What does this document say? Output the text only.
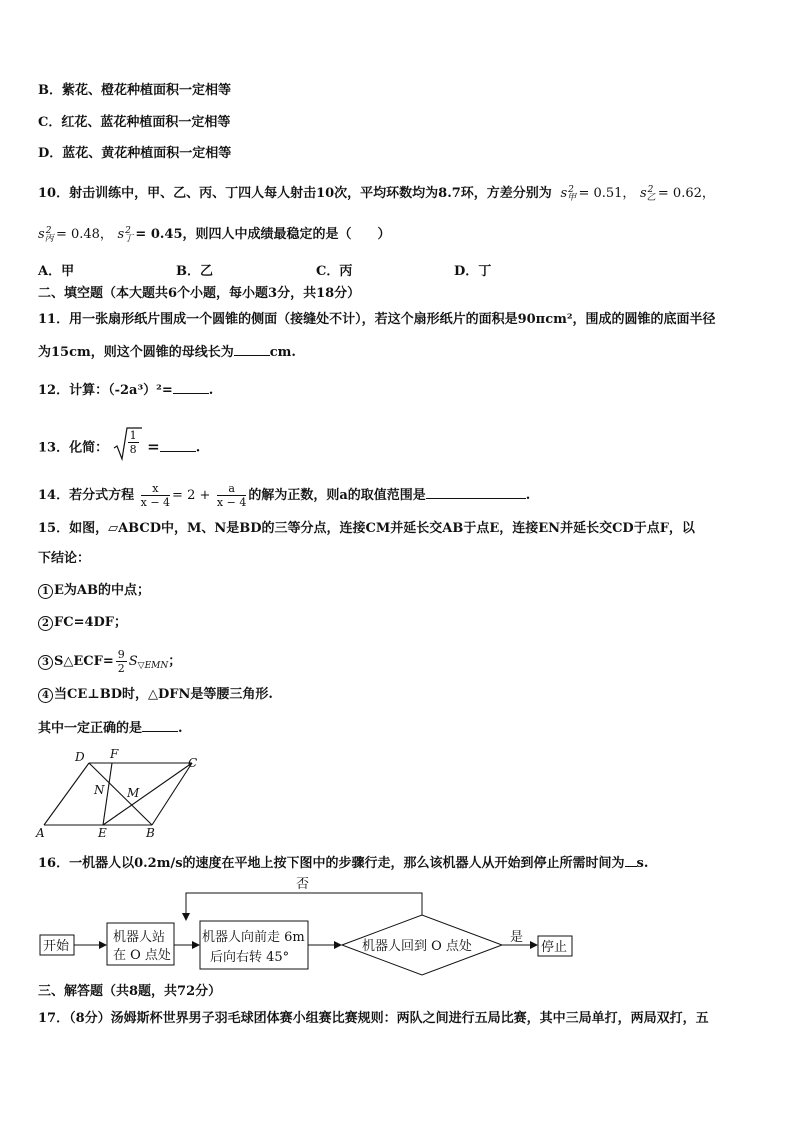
B．紫花、橙花种植面积一定相等
C．红花、蓝花种植面积一定相等
D．蓝花、黄花种植面积一定相等
10．射击训练中，甲、乙、丙、丁四人每人射击10次，平均环数均为8.7环，方差分别为  $s_甲^2 = 0.51$， $s_乙^2 = 0.62$，
$s_丙^2 = 0.48$， $s_丁^2 = 0.45$，则四人中成绩最稳定的是（　　）
A．甲	B．乙	C．丙	D．丁
二、填空题（本大题共6个小题，每小题3分，共18分）
11．用一张扇形纸片围成一个圆锥的侧面（接缝处不计），若这个扇形纸片的面积是90πcm²，围成的圆锥的底面半径
为15cm，则这个圆锥的母线长为	cm.
12．计算：（-2a³）²=	.
13．化简： $\frac{1}{8}$ =	.
14．若分式方程 $\frac{x}{x - 4} = 2 + \frac{a}{x - 4}$ 的解为正数，则a的取值范围是	.
15．如图，▱ABCD中，M、N是BD的三等分点，连接CM并延长交AB于点E，连接EN并延长交CD于点F，以
下结论：
1 E为AB的中点；
2 FC=4DF；
3 S△ECF= $\frac{9}{2} S_{▽EMN}$；
4 当CE⊥BD时，△DFN是等腰三角形.
其中一定正确的是	.
D F
C
N M
A	E	B
16．一机器人以0.2m/s的速度在平地上按下图中的步骤行走，那么该机器人从开始到停止所需时间为 s.
开始
机器人站
在 O 点处
机器人向前走 6m
后向右转 45°
机器人回到 O 点处
是
停止
否
三、解答题（共8题，共72分）
17．（8分）汤姆斯杯世界男子羽毛球团体赛小组赛比赛规则：两队之间进行五局比赛，其中三局单打，两局双打，五
